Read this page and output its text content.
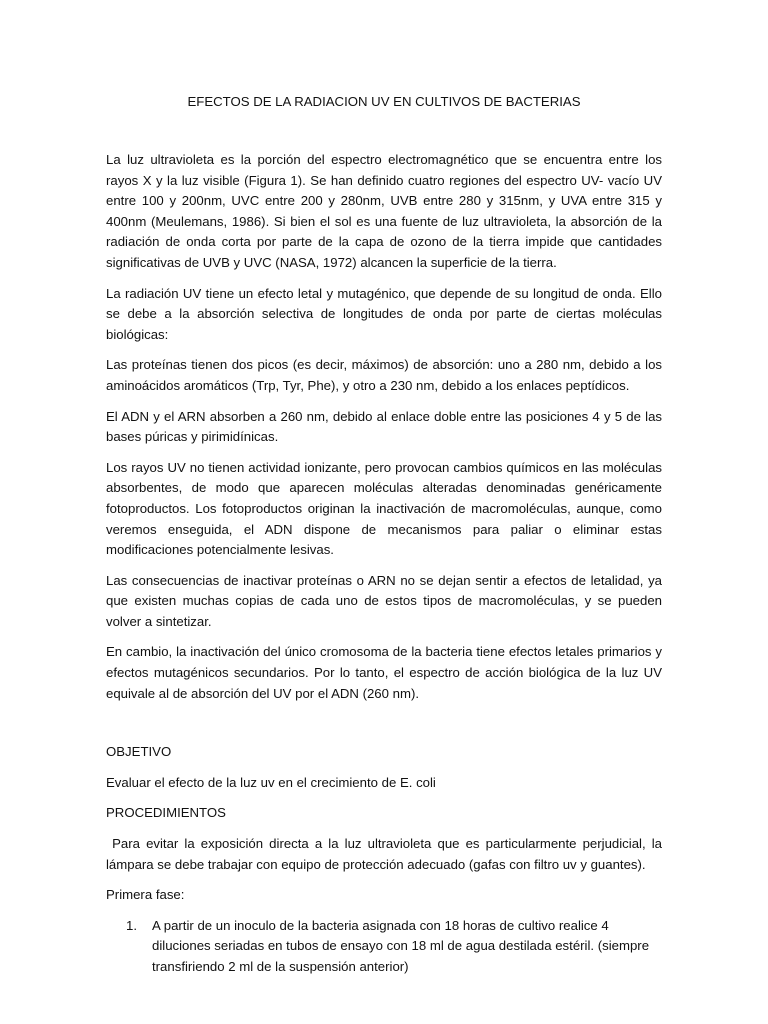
EFECTOS DE LA RADIACION UV EN CULTIVOS DE BACTERIAS

La luz ultravioleta es la porción del espectro electromagnético que se encuentra entre los rayos X y la luz visible (Figura 1). Se han definido cuatro regiones del espectro UV- vacío UV entre 100 y 200nm, UVC entre 200 y 280nm, UVB entre 280 y 315nm, y UVA entre 315 y 400nm (Meulemans, 1986). Si bien el sol es una fuente de luz ultravioleta, la absorción de la radiación de onda corta por parte de la capa de ozono de la tierra impide que cantidades significativas de UVB y UVC (NASA, 1972) alcancen la superficie de la tierra.

La radiación UV tiene un efecto letal y mutagénico, que depende de su longitud de onda. Ello se debe a la absorción selectiva de longitudes de onda por parte de ciertas moléculas biológicas:

Las proteínas tienen dos picos (es decir, máximos) de absorción: uno a 280 nm, debido a los aminoácidos aromáticos (Trp, Tyr, Phe), y otro a 230 nm, debido a los enlaces peptídicos.

El ADN y el ARN absorben a 260 nm, debido al enlace doble entre las posiciones 4 y 5 de las bases púricas y pirimidínicas.

Los rayos UV no tienen actividad ionizante, pero provocan cambios químicos en las moléculas absorbentes, de modo que aparecen moléculas alteradas denominadas genéricamente fotoproductos. Los fotoproductos originan la inactivación de macromoléculas, aunque, como veremos enseguida, el ADN dispone de mecanismos para paliar o eliminar estas modificaciones potencialmente lesivas.

Las consecuencias de inactivar proteínas o ARN no se dejan sentir a efectos de letalidad, ya que existen muchas copias de cada uno de estos tipos de macromoléculas, y se pueden volver a sintetizar.

En cambio, la inactivación del único cromosoma de la bacteria tiene efectos letales primarios y efectos mutagénicos secundarios. Por lo tanto, el espectro de acción biológica de la luz UV equivale al de absorción del UV por el ADN (260 nm).

OBJETIVO

Evaluar el efecto de la luz uv en el crecimiento de E. coli

PROCEDIMIENTOS

Para evitar la exposición directa a la luz ultravioleta que es particularmente perjudicial, la lámpara se debe trabajar con equipo de protección adecuado (gafas con filtro uv y guantes).

Primera fase:

1.	A partir de un inoculo de la bacteria asignada con 18 horas de cultivo realice 4 diluciones seriadas en tubos de ensayo con 18 ml de agua destilada estéril. (siempre transfiriendo 2 ml de la suspensión anterior)
